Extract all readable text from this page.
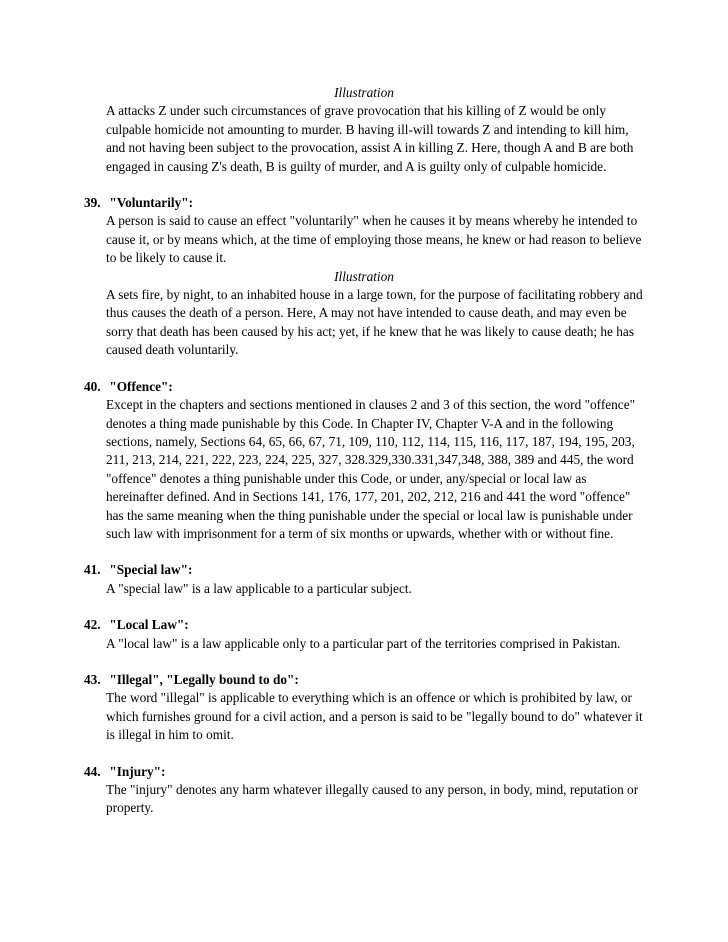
Illustration
A attacks Z under such circumstances of grave provocation that his killing of Z would be only culpable homicide not amounting to murder. B having ill-will towards Z and intending to kill him, and not having been subject to the provocation, assist A in killing Z. Here, though A and B are both engaged in causing Z's death, B is guilty of murder, and A is guilty only of culpable homicide.
39. "Voluntarily":
A person is said to cause an effect "voluntarily" when he causes it by means whereby he intended to cause it, or by means which, at the time of employing those means, he knew or had reason to believe to be likely to cause it.
Illustration
A sets fire, by night, to an inhabited house in a large town, for the purpose of facilitating robbery and thus causes the death of a person. Here, A may not have intended to cause death, and may even be sorry that death has been caused by his act; yet, if he knew that he was likely to cause death; he has caused death voluntarily.
40. "Offence":
Except in the chapters and sections mentioned in clauses 2 and 3 of this section, the word "offence" denotes a thing made punishable by this Code. In Chapter IV, Chapter V-A and in the following sections, namely, Sections 64, 65, 66, 67, 71, 109, 110, 112, 114, 115, 116, 117, 187, 194, 195, 203, 211, 213, 214, 221, 222, 223, 224, 225, 327, 328.329,330.331,347,348, 388, 389 and 445, the word "offence" denotes a thing punishable under this Code, or under, any/special or local law as hereinafter defined. And in Sections 141, 176, 177, 201, 202, 212, 216 and 441 the word "offence" has the same meaning when the thing punishable under the special or local law is punishable under such law with imprisonment for a term of six months or upwards, whether with or without fine.
41. "Special law":
A "special law" is a law applicable to a particular subject.
42. "Local Law":
A "local law" is a law applicable only to a particular part of the territories comprised in Pakistan.
43. "Illegal", "Legally bound to do":
The word "illegal" is applicable to everything which is an offence or which is prohibited by law, or which furnishes ground for a civil action, and a person is said to be "legally bound to do" whatever it is illegal in him to omit.
44. "Injury":
The "injury" denotes any harm whatever illegally caused to any person, in body, mind, reputation or property.
